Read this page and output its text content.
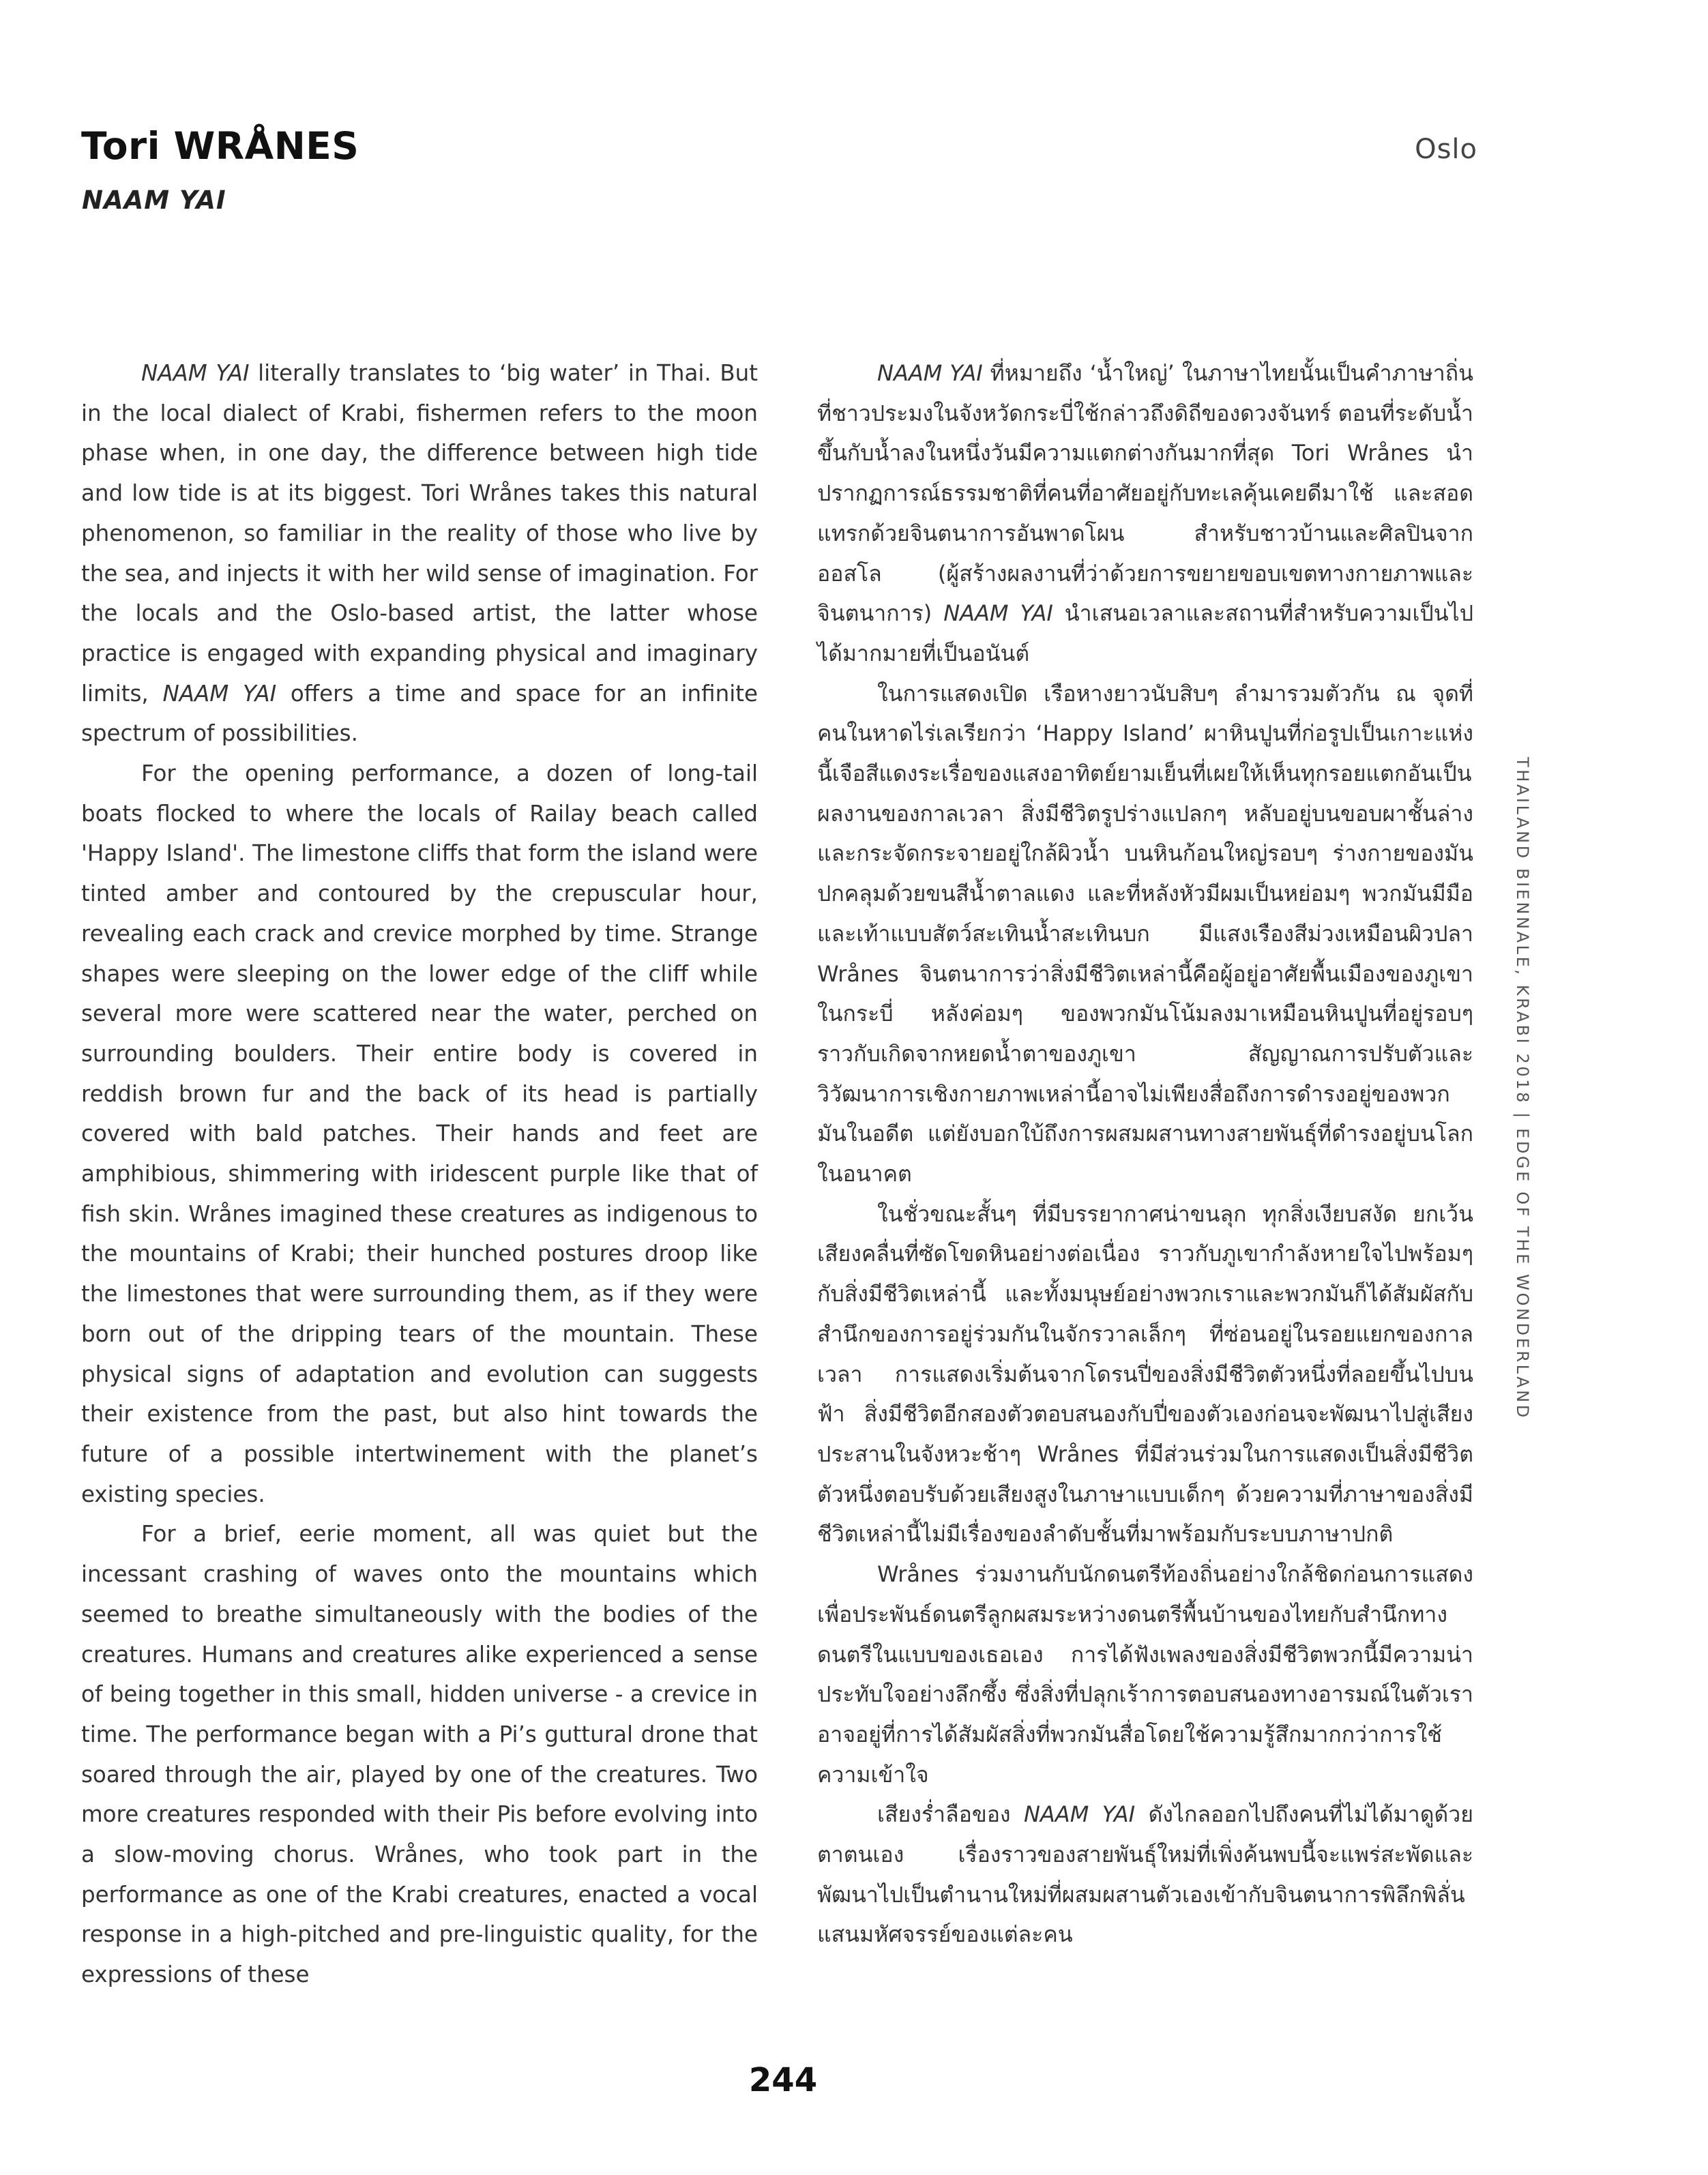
Tori WRÅNES
NAAM YAI
Oslo

NAAM YAI literally translates to ‘big water’ in Thai. But in the local dialect of Krabi, fishermen refers to the moon phase when, in one day, the difference between high tide and low tide is at its biggest. Tori Wrånes takes this natural phenomenon, so familiar in the reality of those who live by the sea, and injects it with her wild sense of imagination. For the locals and the Oslo-based artist, the latter whose practice is engaged with expanding physical and imaginary limits, NAAM YAI offers a time and space for an infinite spectrum of possibilities.

For the opening performance, a dozen of long-tail boats flocked to where the locals of Railay beach called 'Happy Island'. The limestone cliffs that form the island were tinted amber and contoured by the crepuscular hour, revealing each crack and crevice morphed by time. Strange shapes were sleeping on the lower edge of the cliff while several more were scattered near the water, perched on surrounding boulders. Their entire body is covered in reddish brown fur and the back of its head is partially covered with bald patches. Their hands and feet are amphibious, shimmering with iridescent purple like that of fish skin. Wrånes imagined these creatures as indigenous to the mountains of Krabi; their hunched postures droop like the limestones that were surrounding them, as if they were born out of the dripping tears of the mountain. These physical signs of adaptation and evolution can suggests their existence from the past, but also hint towards the future of a possible intertwinement with the planet’s existing species.

For a brief, eerie moment, all was quiet but the incessant crashing of waves onto the mountains which seemed to breathe simultaneously with the bodies of the creatures. Humans and creatures alike experienced a sense of being together in this small, hidden universe - a crevice in time. The performance began with a Pi’s guttural drone that soared through the air, played by one of the creatures. Two more creatures responded with their Pis before evolving into a slow-moving chorus. Wrånes, who took part in the performance as one of the Krabi creatures, enacted a vocal response in a high-pitched and pre-linguistic quality, for the expressions of these

NAAM YAI ที่หมายถึง ‘น้ำใหญ่’ ในภาษาไทยนั้นเป็นคำภาษาถิ่นที่ชาวประมงในจังหวัดกระบี่ใช้กล่าวถึงดิถีของดวงจันทร์ ตอนที่ระดับน้ำขึ้นกับน้ำลงในหนึ่งวันมีความแตกต่างกันมากที่สุด Tori Wrånes นำปรากฏการณ์ธรรมชาติที่คนที่อาศัยอยู่กับทะเลคุ้นเคยดีมาใช้ และสอดแทรกด้วยจินตนาการอันพาดโผน สำหรับชาวบ้านและศิลปินจากออสโล (ผู้สร้างผลงานที่ว่าด้วยการขยายขอบเขตทางกายภาพและจินตนาการ) NAAM YAI นำเสนอเวลาและสถานที่สำหรับความเป็นไปได้มากมายที่เป็นอนันต์

ในการแสดงเปิด เรือหางยาวนับสิบๆ ลำมารวมตัวกัน ณ จุดที่คนในหาดไร่เลเรียกว่า ‘Happy Island’ ผาหินปูนที่ก่อรูปเป็นเกาะแห่งนี้เจือสีแดงระเรื่อของแสงอาทิตย์ยามเย็นที่เผยให้เห็นทุกรอยแตกอันเป็นผลงานของกาลเวลา สิ่งมีชีวิตรูปร่างแปลกๆ หลับอยู่บนขอบผาชั้นล่าง และกระจัดกระจายอยู่ใกล้ผิวน้ำ บนหินก้อนใหญ่รอบๆ ร่างกายของมันปกคลุมด้วยขนสีน้ำตาลแดง และที่หลังหัวมีผมเป็นหย่อมๆ พวกมันมีมือและเท้าแบบสัตว์สะเทินน้ำสะเทินบก มีแสงเรืองสีม่วงเหมือนผิวปลา Wrånes จินตนาการว่าสิ่งมีชีวิตเหล่านี้คือผู้อยู่อาศัยพื้นเมืองของภูเขาในกระบี่ หลังค่อมๆ ของพวกมันโน้มลงมาเหมือนหินปูนที่อยู่รอบๆ ราวกับเกิดจากหยดน้ำตาของภูเขา สัญญาณการปรับตัวและวิวัฒนาการเชิงกายภาพเหล่านี้อาจไม่เพียงสื่อถึงการดำรงอยู่ของพวกมันในอดีต แต่ยังบอกใบ้ถึงการผสมผสานทางสายพันธุ์ที่ดำรงอยู่บนโลกในอนาคต

ในชั่วขณะสั้นๆ ที่มีบรรยากาศน่าขนลุก ทุกสิ่งเงียบสงัด ยกเว้นเสียงคลื่นที่ซัดโขดหินอย่างต่อเนื่อง ราวกับภูเขากำลังหายใจไปพร้อมๆ กับสิ่งมีชีวิตเหล่านี้ และทั้งมนุษย์อย่างพวกเราและพวกมันก็ได้สัมผัสกับสำนึกของการอยู่ร่วมกันในจักรวาลเล็กๆ ที่ซ่อนอยู่ในรอยแยกของกาลเวลา การแสดงเริ่มต้นจากโดรนปี่ของสิ่งมีชีวิตตัวหนึ่งที่ลอยขึ้นไปบนฟ้า สิ่งมีชีวิตอีกสองตัวตอบสนองกับปี่ของตัวเองก่อนจะพัฒนาไปสู่เสียงประสานในจังหวะช้าๆ Wrånes ที่มีส่วนร่วมในการแสดงเป็นสิ่งมีชีวิตตัวหนึ่งตอบรับด้วยเสียงสูงในภาษาแบบเด็กๆ ด้วยความที่ภาษาของสิ่งมีชีวิตเหล่านี้ไม่มีเรื่องของลำดับชั้นที่มาพร้อมกับระบบภาษาปกติ

Wrånes ร่วมงานกับนักดนตรีท้องถิ่นอย่างใกล้ชิดก่อนการแสดงเพื่อประพันธ์ดนตรีลูกผสมระหว่างดนตรีพื้นบ้านของไทยกับสำนึกทางดนตรีในแบบของเธอเอง การได้ฟังเพลงของสิ่งมีชีวิตพวกนี้มีความน่าประทับใจอย่างลึกซึ้ง ซึ่งสิ่งที่ปลุกเร้าการตอบสนองทางอารมณ์ในตัวเราอาจอยู่ที่การได้สัมผัสสิ่งที่พวกมันสื่อโดยใช้ความรู้สึกมากกว่าการใช้ความเข้าใจ

เสียงร่ำลือของ NAAM YAI ดังไกลออกไปถึงคนที่ไม่ได้มาดูด้วยตาตนเอง เรื่องราวของสายพันธุ์ใหม่ที่เพิ่งค้นพบนี้จะแพร่สะพัดและพัฒนาไปเป็นตำนานใหม่ที่ผสมผสานตัวเองเข้ากับจินตนาการพิลึกพิลั่นแสนมหัศจรรย์ของแต่ละคน

THAILAND BIENNALE, KRABI 2018 | EDGE OF THE WONDERLAND
244
